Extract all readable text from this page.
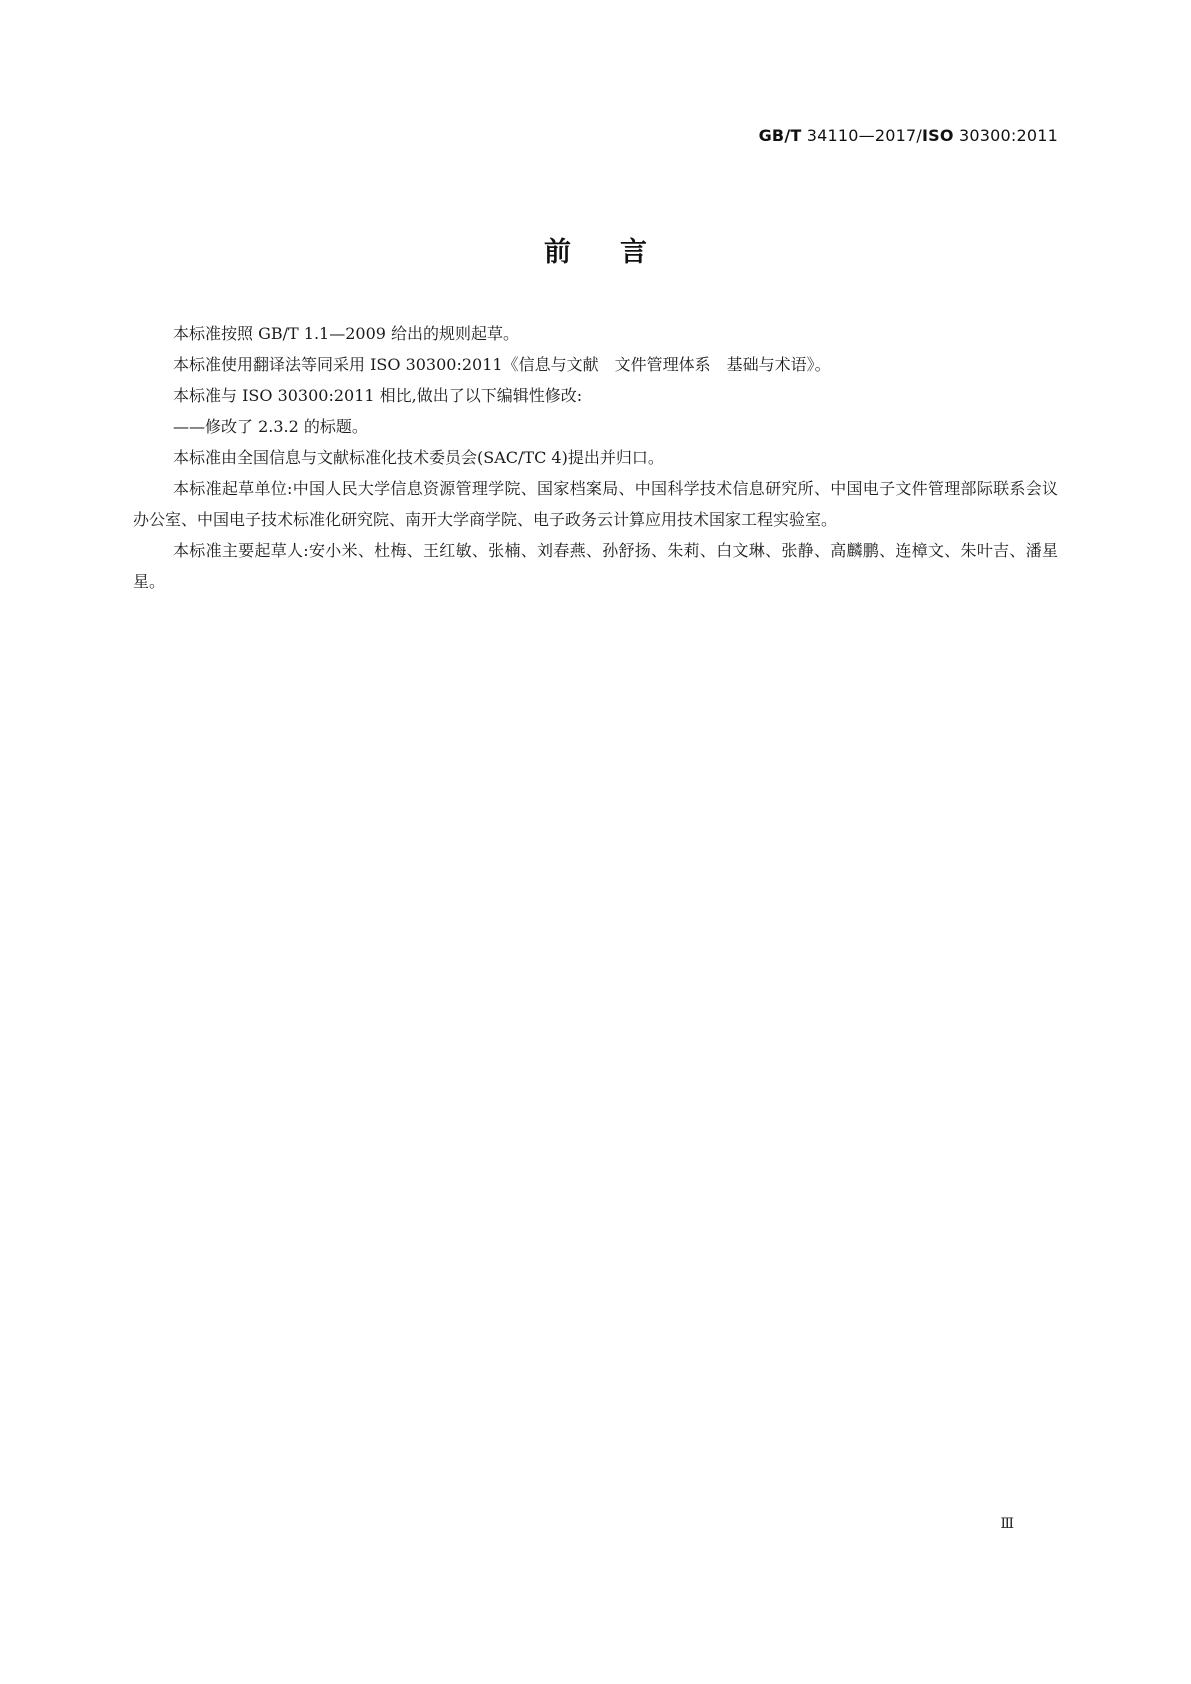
GB/T 34110—2017/ISO 30300:2011
前言

本标准按照 GB/T 1.1—2009 给出的规则起草。

本标准使用翻译法等同采用 ISO 30300:2011《信息与文献　文件管理体系　基础与术语》。

本标准与 ISO 30300:2011 相比,做出了以下编辑性修改:

——修改了 2.3.2 的标题。

本标准由全国信息与文献标准化技术委员会(SAC/TC 4)提出并归口。

本标准起草单位:中国人民大学信息资源管理学院、国家档案局、中国科学技术信息研究所、中国电子文件管理部际联系会议办公室、中国电子技术标准化研究院、南开大学商学院、电子政务云计算应用技术国家工程实验室。

本标准主要起草人:安小米、杜梅、王红敏、张楠、刘春燕、孙舒扬、朱莉、白文琳、张静、高麟鹏、连樟文、朱叶吉、潘星星。

Ⅲ
